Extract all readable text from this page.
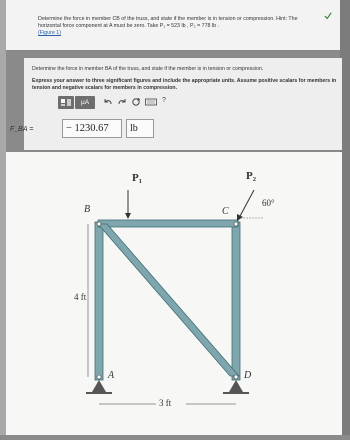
Determine the force in member CB of the truss, and state if the member is in tension or compression. Hint: The
horizontal force component at A must be zero. Take P₁ = 523 lb , P₂ = 778 lb .
(Figure 1)
Determine the force in member BA of the truss, and state if the member is in tension or compression.
Express your answer to three significant figures and include the appropriate units. Assume positive scalars for members in tension and negative scalars for members in compression.
μA	?
F_BA =	− 1230.67	lb
P₁	P₂
B	C
A	D
4 ft
3 ft
60°
